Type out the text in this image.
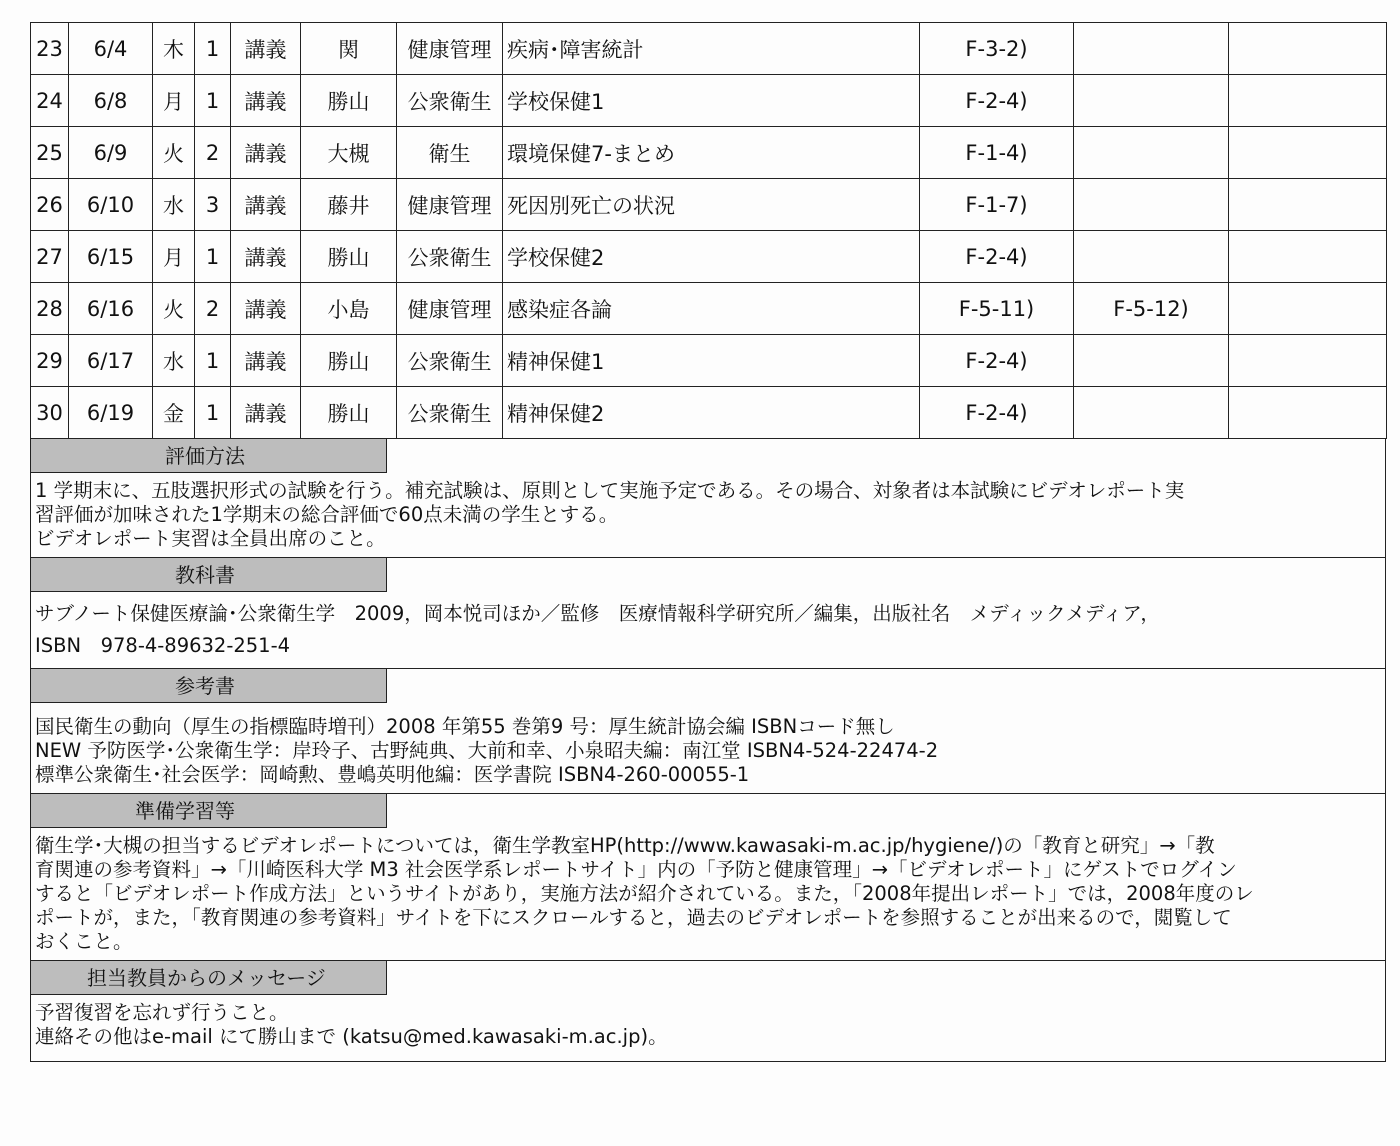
23	6/4	木	1	講義	関	健康管理	疾病･障害統計	F-3-2)		
24	6/8	月	1	講義	勝山	公衆衛生	学校保健1	F-2-4)		
25	6/9	火	2	講義	大槻	衛生	環境保健7-まとめ	F-1-4)		
26	6/10	水	3	講義	藤井	健康管理	死因別死亡の状況	F-1-7)		
27	6/15	月	1	講義	勝山	公衆衛生	学校保健2	F-2-4)		
28	6/16	火	2	講義	小島	健康管理	感染症各論	F-5-11)	F-5-12)	
29	6/17	水	1	講義	勝山	公衆衛生	精神保健1	F-2-4)		
30	6/19	金	1	講義	勝山	公衆衛生	精神保健2	F-2-4)		
評価方法
1 学期末に、五肢選択形式の試験を行う。補充試験は、原則として実施予定である。その場合、対象者は本試験にビデオレポート実
習評価が加味された1学期末の総合評価で60点未満の学生とする。
ビデオレポート実習は全員出席のこと。
教科書
サブノート保健医療論･公衆衛生学　2009，岡本悦司ほか／監修　医療情報科学研究所／編集，出版社名　メディックメディア，
ISBN　978-4-89632-251-4
参考書
国民衛生の動向（厚生の指標臨時増刊）2008 年第55 巻第9 号：厚生統計協会編 ISBNコード無し
NEW 予防医学･公衆衛生学：岸玲子、古野純典、大前和幸、小泉昭夫編：南江堂 ISBN4-524-22474-2
標準公衆衛生･社会医学：岡崎勲、豊嶋英明他編：医学書院 ISBN4-260-00055-1
準備学習等
衛生学･大槻の担当するビデオレポートについては，衛生学教室HP(http://www.kawasaki-m.ac.jp/hygiene/)の「教育と研究」→「教
育関連の参考資料」→「川崎医科大学 M3 社会医学系レポートサイト」内の「予防と健康管理」→「ビデオレポート」にゲストでログイン
すると「ビデオレポート作成方法」というサイトがあり，実施方法が紹介されている。また，「2008年提出レポート」では，2008年度のレ
ポートが，また，「教育関連の参考資料」サイトを下にスクロールすると，過去のビデオレポートを参照することが出来るので，閲覧して
おくこと。
担当教員からのメッセージ
予習復習を忘れず行うこと。
連絡その他はe-mail にて勝山まで (katsu@med.kawasaki-m.ac.jp)。
